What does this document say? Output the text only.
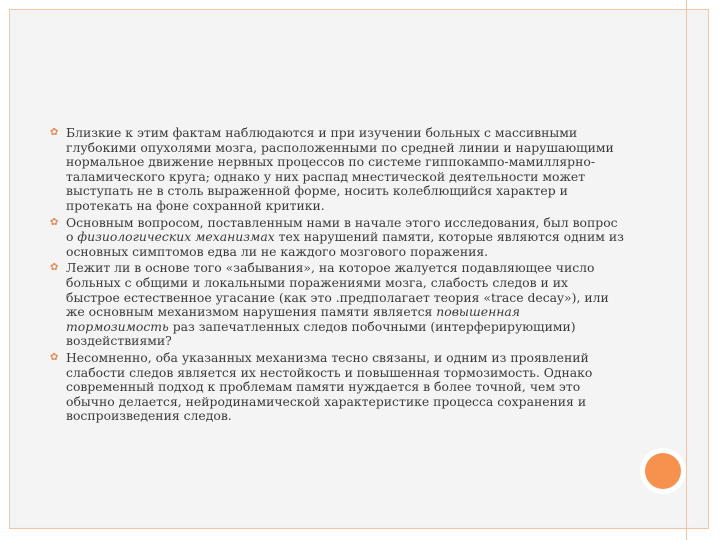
✿ Близкие к этим фактам наблюдаются и при изучении больных с массивными глубокими опухолями мозга, расположенными по средней линии и нарушающими нормальное движение нервных процессов по системе гиппокампо-мамиллярно-таламического круга; однако у них распад мнестической деятельности может выступать не в столь выраженной форме, носить колеблющийся характер и протекать на фоне сохранной критики.

✿ Основным вопросом, поставленным нами в начале этого исследования, был вопрос о физиологических механизмах тех нарушений памяти, которые являются одним из основных симптомов едва ли не каждого мозгового поражения.

✿ Лежит ли в основе того «забывания», на которое жалуется подавляющее число больных с общими и локальными поражениями мозга, слабость следов и их быстрое естественное угасание (как это .предполагает теория «trace decay»), или же основным механизмом нарушения памяти является повышенная тормозимость раз запечатленных следов побочными (интерферирующими) воздействиями?

✿ Несомненно, оба указанных механизма тесно связаны, и одним из проявлений слабости следов является их нестойкость и повышенная тормозимость. Однако современный подход к проблемам памяти нуждается в более точной, чем это обычно делается, нейродинамической характеристике процесса сохранения и воспроизведения следов.
